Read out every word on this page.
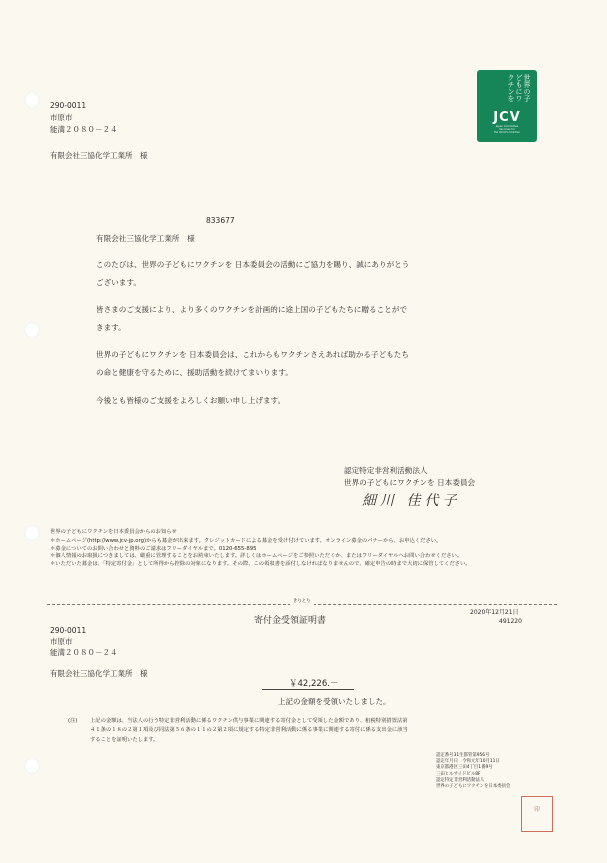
290-0011
市原市
能満２０８０－２４
有限会社三協化学工業所　様
世界の子どもにワクチンを
JCV
Japan Committee
Vaccines for
the World's Children
833677
有限会社三協化学工業所　様
このたびは、世界の子どもにワクチンを 日本委員会の活動にご協力を賜り、誠にありがとう
ございます。
皆さまのご支援により、より多くのワクチンを計画的に途上国の子どもたちに贈ることがで
きます。
世界の子どもにワクチンを 日本委員会は、これからもワクチンさえあれば助かる子どもたち
の命と健康を守るために、援助活動を続けてまいります。
今後とも皆様のご支援をよろしくお願い申し上げます。
認定特定非営利活動法人
世界の子どもにワクチンを 日本委員会
細川 佳代子
世界の子どもにワクチンを日本委員会からのお知らせ
＊ホームページ(http://www.jcv-jp.org)からも募金が出来ます。クレジットカードによる募金を受け付けています。オンライン募金のバナーから、お申込ください。
＊募金についてのお問い合わせと資料のご請求はフリーダイヤルまで。0120-655-895
＊個人情報のお取扱につきましては、厳重に管理することをお約束いたします。詳しくはホームページをご参照いただくか、またはフリーダイヤルへお問い合わせください。
＊いただいた募金は、「特定寄付金」として所得から控除の対象になります。その際、この領収書を添付しなければなりませんので、確定申告の時まで大切に保管してください。
きりとり
寄付金受領証明書
2020年12月21日
491220
290-0011
市原市
能満２０８０－２４
有限会社三協化学工業所　様
￥42,226.－
上記の金額を受領いたしました。
(注) 上記の金額は、当法人の行う特定非営利活動に係るワクチン供与事業に関連する寄付金として受領した金額であり、租税特別措置法第
４１条の１８の２第１項及び同法第５６条の１１の２第２項に規定する特定非営利活動に係る事業に関連する寄付に係る支出金に該当
することを証明いたします。
認定番号31生都管第956号
認定年月日　令和元年10月11日
東京都港区三田4丁目1番9号
三田ヒルサイドビル8F
認定特定非営利活動法人
世界の子どもにワクチンを日本委員会
印
